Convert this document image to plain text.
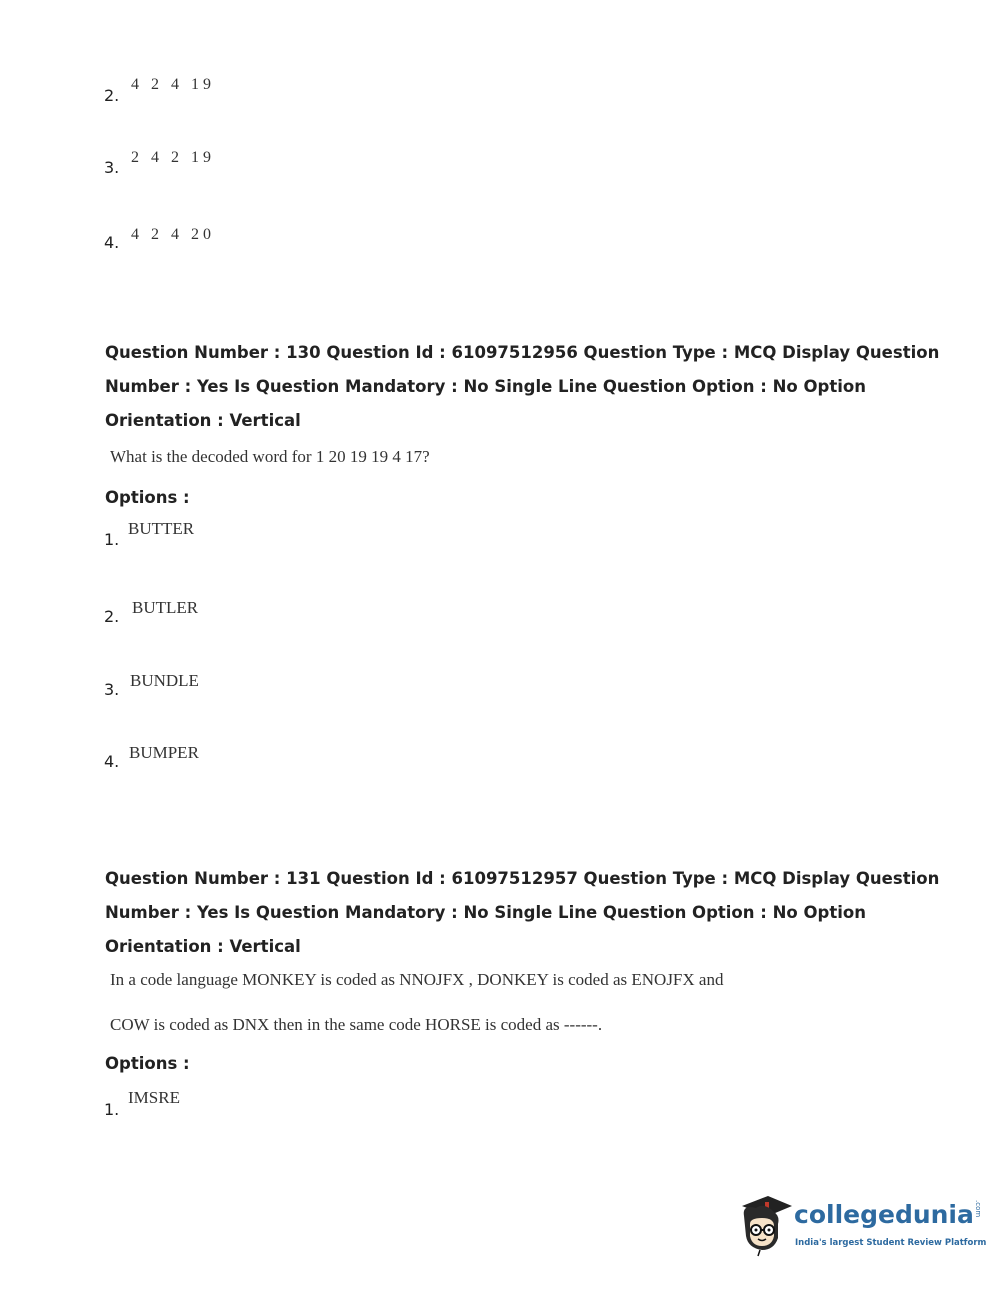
2.
4 2 4 19
3.
2 4 2 19
4. 4 2 4 20
Question Number : 130 Question Id : 61097512956 Question Type : MCQ Display Question
Number : Yes Is Question Mandatory : No Single Line Question Option : No Option
Orientation : Vertical
What is the decoded word for 1 20 19 19 4 17?
Options :
1.
BUTTER
2. BUTLER
3. BUNDLE
4. BUMPER
Question Number : 131 Question Id : 61097512957 Question Type : MCQ Display Question
Number : Yes Is Question Mandatory : No Single Line Question Option : No Option
Orientation : Vertical
In a code language MONKEY is coded as NNOJFX , DONKEY is coded as ENOJFX and
COW is coded as DNX then in the same code HORSE is coded as ------.
Options :
1.
IMSRE
collegedunia.com
India's largest Student Review Platform
